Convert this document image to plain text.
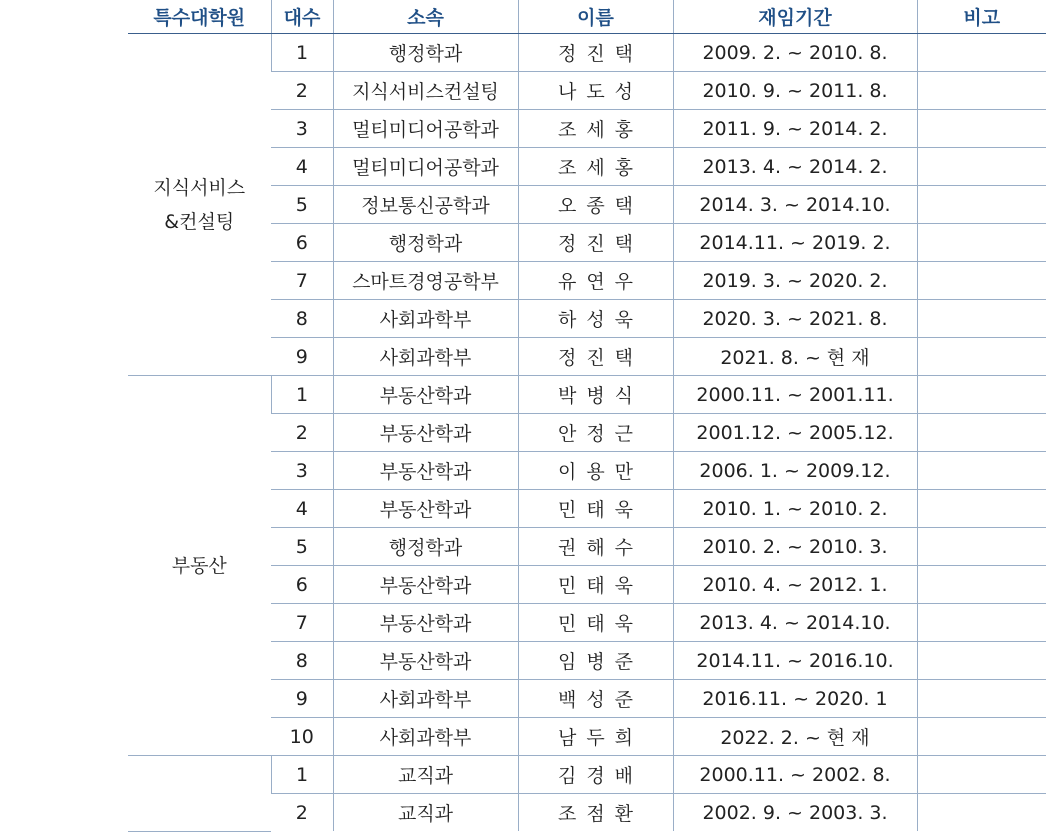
특수대학원	대수	소속	이름	재임기간	비고

지식서비스
&컨설팅	1	행정학과	정진택	2009. 2. ~ 2010. 8.	
	2	지식서비스컨설팅	나도성	2010. 9. ~ 2011. 8.	
	3	멀티미디어공학과	조세홍	2011. 9. ~ 2014. 2.	
	4	멀티미디어공학과	조세홍	2013. 4. ~ 2014. 2.	
	5	정보통신공학과	오종택	2014. 3. ~ 2014.10.	
	6	행정학과	정진택	2014.11. ~ 2019. 2.	
	7	스마트경영공학부	유연우	2019. 3. ~ 2020. 2.	
	8	사회과학부	하성욱	2020. 3. ~ 2021. 8.	
	9	사회과학부	정진택	2021. 8. ~ 현 재	

부동산	1	부동산학과	박병식	2000.11. ~ 2001.11.	
	2	부동산학과	안정근	2001.12. ~ 2005.12.	
	3	부동산학과	이용만	2006. 1. ~ 2009.12.	
	4	부동산학과	민태욱	2010. 1. ~ 2010. 2.	
	5	행정학과	권해수	2010. 2. ~ 2010. 3.	
	6	부동산학과	민태욱	2010. 4. ~ 2012. 1.	
	7	부동산학과	민태욱	2013. 4. ~ 2014.10.	
	8	부동산학과	임병준	2014.11. ~ 2016.10.	
	9	사회과학부	백성준	2016.11. ~ 2020. 1	
	10	사회과학부	남두희	2022. 2. ~ 현 재	
	1	교직과	김경배	2000.11. ~ 2002. 8.	
	2	교직과	조점환	2002. 9. ~ 2003. 3.	
